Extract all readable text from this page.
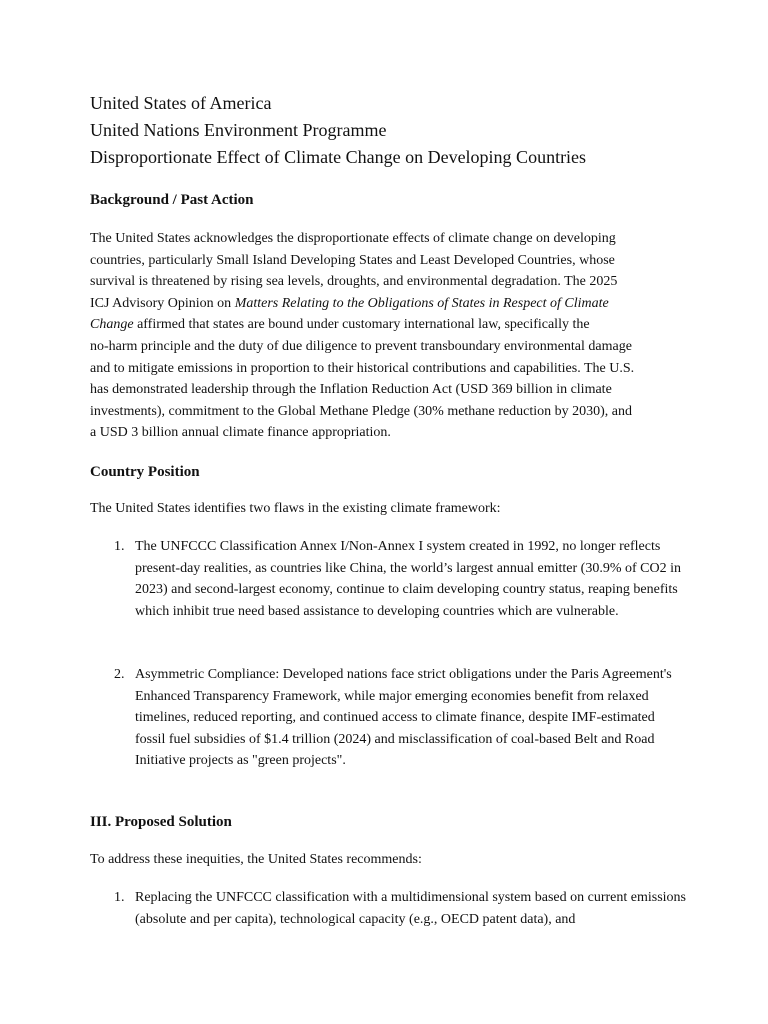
United States of America
United Nations Environment Programme
Disproportionate Effect of Climate Change on Developing Countries
Background / Past Action
The United States acknowledges the disproportionate effects of climate change on developing
countries, particularly Small Island Developing States and Least Developed Countries, whose
survival is threatened by rising sea levels, droughts, and environmental degradation. The 2025
ICJ Advisory Opinion on Matters Relating to the Obligations of States in Respect of Climate
Change affirmed that states are bound under customary international law, specifically the
no-harm principle and the duty of due diligence to prevent transboundary environmental damage
and to mitigate emissions in proportion to their historical contributions and capabilities. The U.S.
has demonstrated leadership through the Inflation Reduction Act (USD 369 billion in climate
investments), commitment to the Global Methane Pledge (30% methane reduction by 2030), and
a USD 3 billion annual climate finance appropriation.
Country Position
The United States identifies two flaws in the existing climate framework:
1. The UNFCCC Classification Annex I/Non-Annex I system created in 1992, no longer reflects present-day realities, as countries like China, the world’s largest annual emitter (30.9% of CO2 in 2023) and second-largest economy, continue to claim developing country status, reaping benefits which inhibit true need based assistance to developing countries which are vulnerable.
2. Asymmetric Compliance: Developed nations face strict obligations under the Paris Agreement's Enhanced Transparency Framework, while major emerging economies benefit from relaxed timelines, reduced reporting, and continued access to climate finance, despite IMF-estimated fossil fuel subsidies of $1.4 trillion (2024) and misclassification of coal-based Belt and Road Initiative projects as "green projects".
III. Proposed Solution
To address these inequities, the United States recommends:
1. Replacing the UNFCCC classification with a multidimensional system based on current emissions (absolute and per capita), technological capacity (e.g., OECD patent data), and
